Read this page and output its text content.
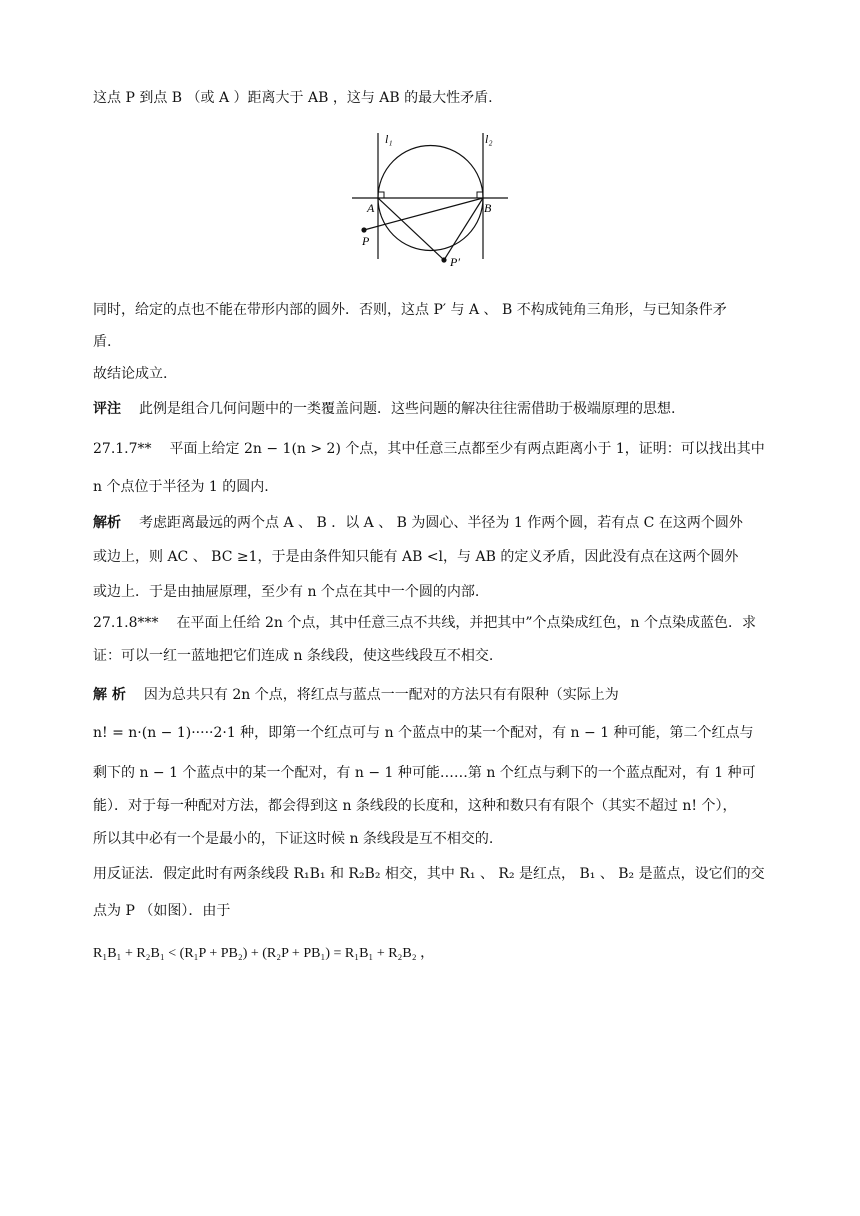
这点 P 到点 B （或 A ）距离大于 AB ，这与 AB 的最大性矛盾.
l₁	l₂
A	B
P
P′
同时，给定的点也不能在带形内部的圆外．否则，这点 P′ 与 A 、 B 不构成钝角三角形，与已知条件矛
盾.
故结论成立.
评注 此例是组合几何问题中的一类覆盖问题．这些问题的解决往往需借助于极端原理的思想.
27.1.7** 平面上给定 2n − 1(n > 2) 个点，其中任意三点都至少有两点距离小于 1，证明：可以找出其中
n 个点位于半径为 1 的圆内.
解析 考虑距离最远的两个点 A 、 B ．以 A 、 B 为圆心、半径为 1 作两个圆，若有点 C 在这两个圆外
或边上，则 AC 、 BC ≥1，于是由条件知只能有 AB <l，与 AB 的定义矛盾，因此没有点在这两个圆外
或边上．于是由抽屉原理，至少有 n 个点在其中一个圆的内部.
27.1.8*** 在平面上任给 2n 个点，其中任意三点不共线，并把其中”个点染成红色，n 个点染成蓝色．求
证：可以一红一蓝地把它们连成 n 条线段，使这些线段互不相交.
解 析 因为总共只有 2n 个点，将红点与蓝点一一配对的方法只有有限种（实际上为
n! = n·(n − 1)·····2·1 种，即第一个红点可与 n 个蓝点中的某一个配对，有 n − 1 种可能，第二个红点与
剩下的 n − 1 个蓝点中的某一个配对，有 n − 1 种可能……第 n 个红点与剩下的一个蓝点配对，有 1 种可
能）．对于每一种配对方法，都会得到这 n 条线段的长度和，这种和数只有有限个（其实不超过 n! 个），
所以其中必有一个是最小的，下证这时候 n 条线段是互不相交的.
用反证法．假定此时有两条线段 R₁B₁ 和 R₂B₂ 相交，其中 R₁ 、 R₂ 是红点， B₁ 、 B₂ 是蓝点，设它们的交
点为 P （如图）．由于
R₁B₁ + R₂B₁ < (R₁P + PB₂) + (R₂P + PB₁) = R₁B₁ + R₂B₂ ，
